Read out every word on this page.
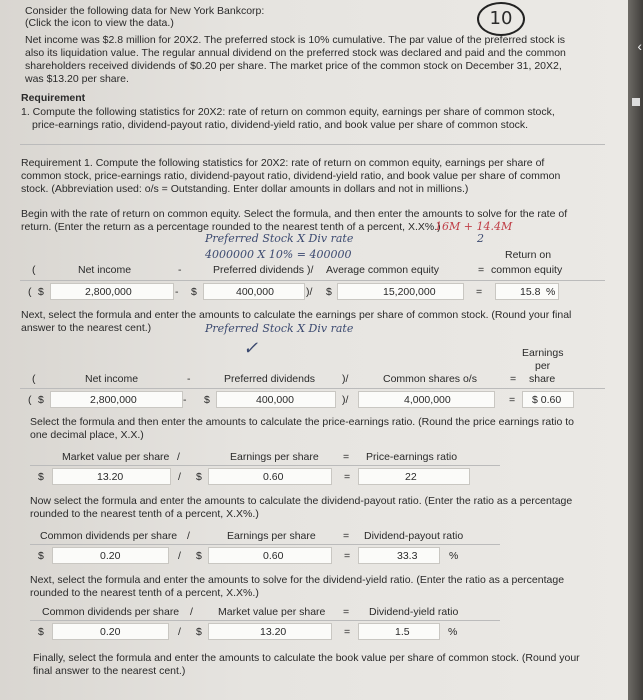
10
Consider the following data for New York Bankcorp:
(Click the icon to view the data.)
Net income was $2.8 million for 20X2. The preferred stock is 10% cumulative. The par value of the preferred stock is
also its liquidation value. The regular annual dividend on the preferred stock was declared and paid and the common
shareholders received dividends of $0.20 per share. The market price of the common stock on December 31, 20X2,
was $13.20 per share.
Requirement
1. Compute the following statistics for 20X2: rate of return on common equity, earnings per share of common stock,
price-earnings ratio, dividend-payout ratio, dividend-yield ratio, and book value per share of common stock.
Requirement 1. Compute the following statistics for 20X2: rate of return on common equity, earnings per share of
common stock, price-earnings ratio, dividend-payout ratio, dividend-yield ratio, and book value per share of common
stock. (Abbreviation used: o/s = Outstanding. Enter dollar amounts in dollars and not in millions.)
Begin with the rate of return on common equity. Select the formula, and then enter the amounts to solve for the rate of
return. (Enter the return as a percentage rounded to the nearest tenth of a percent, X.X%.)
Preferred Stock X Div rate
4000000 X 10% = 400000
16M + 14.4M
2
Return on
(	Net income	-	Preferred dividends )/ Average common equity	= common equity
( $	2,800,000	- $	400,000	)/ $	15,200,000	=	15.8 %
Next, select the formula and enter the amounts to calculate the earnings per share of common stock. (Round your final
answer to the nearest cent.)	Preferred Stock X Div rate
✓	Earnings
per
(	Net income	-	Preferred dividends	)/	Common shares o/s	= share
( $	2,800,000	- $	400,000	)/	4,000,000	= $ 0.60
Select the formula and then enter the amounts to calculate the price-earnings ratio. (Round the price earnings ratio to
one decimal place, X.X.)
Market value per share /	Earnings per share = Price-earnings ratio
$	13.20	/ $	0.60	=	22
Now select the formula and enter the amounts to calculate the dividend-payout ratio. (Enter the ratio as a percentage
rounded to the nearest tenth of a percent, X.X%.)
Common dividends per share /	Earnings per share	= Dividend-payout ratio
$	0.20	/ $	0.60	=	33.3	%
Next, select the formula and enter the amounts to solve for the dividend-yield ratio. (Enter the ratio as a percentage
rounded to the nearest tenth of a percent, X.X%.)
Common dividends per share / Market value per share = Dividend-yield ratio
$	0.20	/ $	13.20	=	1.5	%
Finally, select the formula and enter the amounts to calculate the book value per share of common stock. (Round your
final answer to the nearest cent.)
‹
